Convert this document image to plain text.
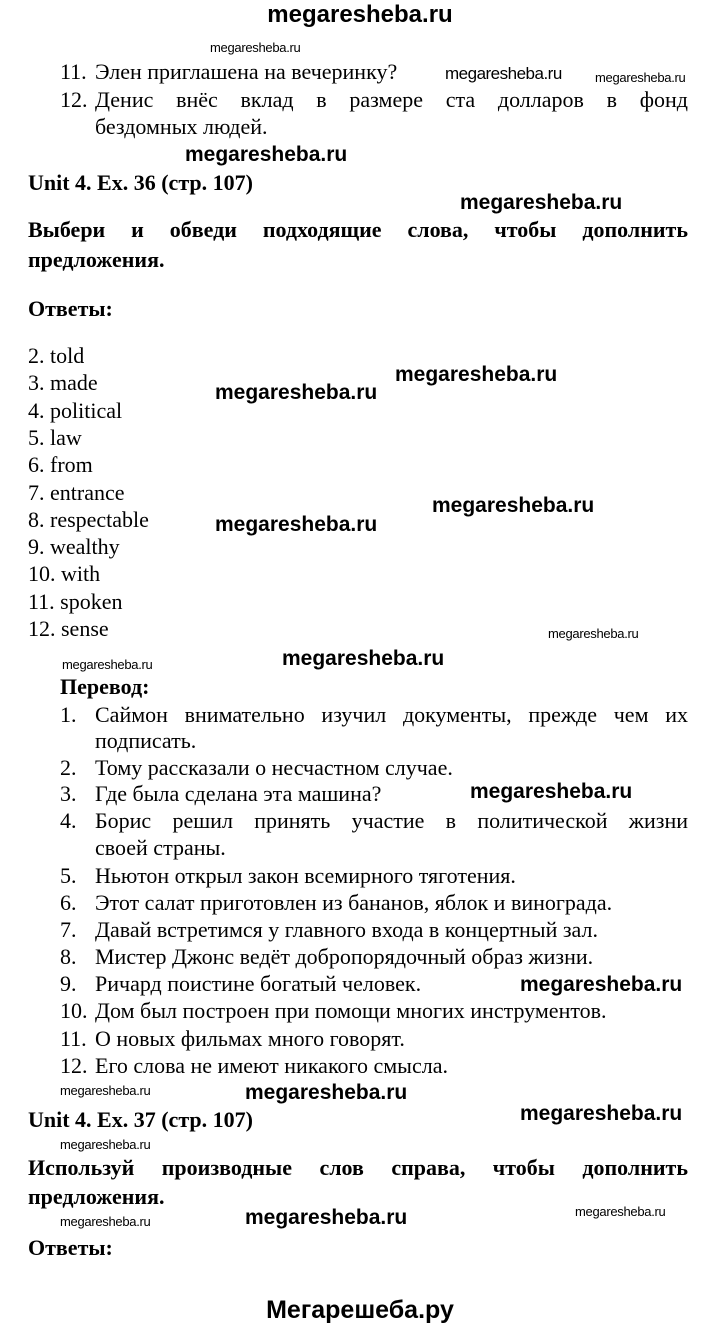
megaresheba.ru
Мегарешеба.ру
Unit 4. Ex. 36 (стр. 107)
Выбери и обведи подходящие слова, чтобы дополнить
предложения.
Ответы:
Перевод:
Unit 4. Ex. 37 (стр. 107)
Используй производные слов справа, чтобы дополнить
предложения.
Ответы:
11. Элен приглашена на вечеринку?
12. Денис внёс вклад в размере ста долларов в фонд
бездомных людей.
2. told
3. made
4. political
5. law
6. from
7. entrance
8. respectable
9. wealthy
10. with
11. spoken
12. sense
1. Саймон внимательно изучил документы, прежде чем их
подписать.
2. Тому рассказали о несчастном случае.
3. Где была сделана эта машина?
4. Борис решил принять участие в политической жизни
своей страны.
5. Ньютон открыл закон всемирного тяготения.
6. Этот салат приготовлен из бананов, яблок и винограда.
7. Давай встретимся у главного входа в концертный зал.
8. Мистер Джонс ведёт добропорядочный образ жизни.
9. Ричард поистине богатый человек.
10. Дом был построен при помощи многих инструментов.
11. О новых фильмах много говорят.
12. Его слова не имеют никакого смысла.
megaresheba.ru
megaresheba.ru
megaresheba.ru
megaresheba.ru
megaresheba.ru
megaresheba.ru
megaresheba.ru
megaresheba.ru
megaresheba.ru
megaresheba.ru
megaresheba.ru
megaresheba.ru
megaresheba.ru
megaresheba.ru
megaresheba.ru
megaresheba.ru
megaresheba.ru
megaresheba.ru
megaresheba.ru
megaresheba.ru
megaresheba.ru
